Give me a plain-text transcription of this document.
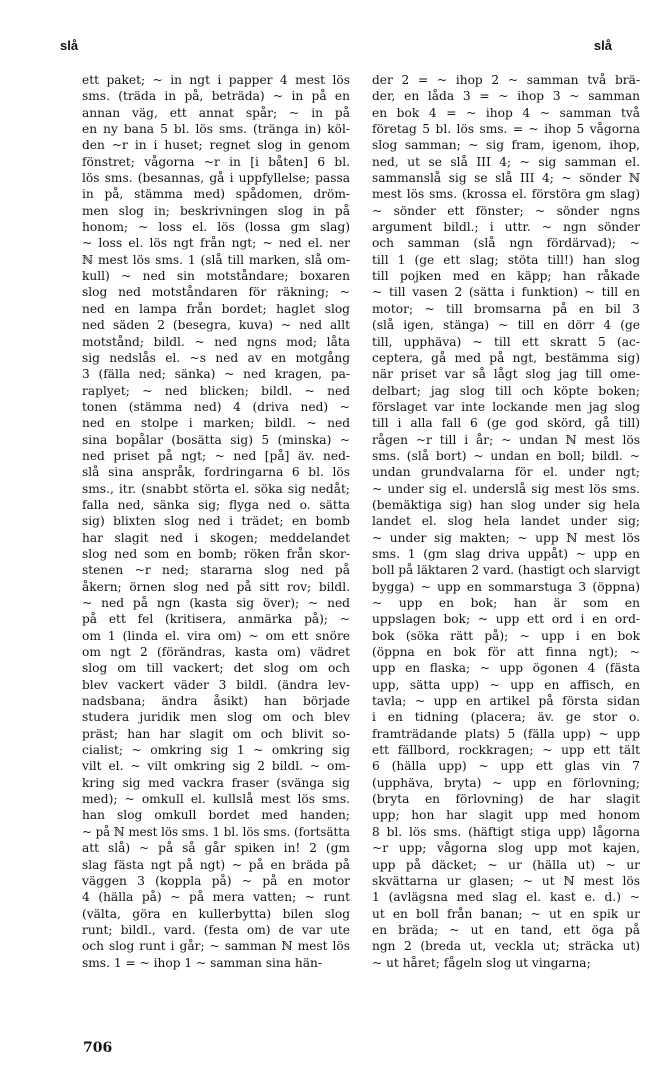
slå	slå
ett paket; ~ in ngt i papper 4 mest lös
sms. (träda in på, beträda) ~ in på en
annan väg, ett annat spår; ~ in på
en ny bana 5 bl. lös sms. (tränga in) köl-
den ~r in i huset; regnet slog in genom
fönstret; vågorna ~r in [i båten] 6 bl.
lös sms. (besannas, gå i uppfyllelse; passa
in på, stämma med) spådomen, dröm-
men slog in; beskrivningen slog in på
honom; ~ loss el. lös (lossa gm slag)
~ loss el. lös ngt från ngt; ~ ned el. ner
ℕ mest lös sms. 1 (slå till marken, slå om-
kull) ~ ned sin motståndare; boxaren
slog ned motståndaren för räkning; ~
ned en lampa från bordet; haglet slog
ned säden 2 (besegra, kuva) ~ ned allt
motstånd; bildl. ~ ned ngns mod; låta
sig nedslås el. ~s ned av en motgång
3 (fälla ned; sänka) ~ ned kragen, pa-
raplyet; ~ ned blicken; bildl. ~ ned
tonen (stämma ned) 4 (driva ned) ~
ned en stolpe i marken; bildl. ~ ned
sina bopålar (bosätta sig) 5 (minska) ~
ned priset på ngt; ~ ned [på] äv. ned-
slå sina anspråk, fordringarna 6 bl. lös
sms., itr. (snabbt störta el. söka sig nedåt;
falla ned, sänka sig; flyga ned o. sätta
sig) blixten slog ned i trädet; en bomb
har slagit ned i skogen; meddelandet
slog ned som en bomb; röken från skor-
stenen ~r ned; stararna slog ned på
åkern; örnen slog ned på sitt rov; bildl.
~ ned på ngn (kasta sig över); ~ ned
på ett fel (kritisera, anmärka på); ~
om 1 (linda el. vira om) ~ om ett snöre
om ngt 2 (förändras, kasta om) vädret
slog om till vackert; det slog om och
blev vackert väder 3 bildl. (ändra lev-
nadsbana; ändra åsikt) han började
studera juridik men slog om och blev
präst; han har slagit om och blivit so-
cialist; ~ omkring sig 1 ~ omkring sig
vilt el. ~ vilt omkring sig 2 bildl. ~ om-
kring sig med vackra fraser (svänga sig
med); ~ omkull el. kullslå mest lös sms.
han slog omkull bordet med handen;
~ på ℕ mest lös sms. 1 bl. lös sms. (fortsätta
att slå) ~ på så går spiken in! 2 (gm
slag fästa ngt på ngt) ~ på en bräda på
väggen 3 (koppla på) ~ på en motor
4 (hälla på) ~ på mera vatten; ~ runt
(välta, göra en kullerbytta) bilen slog
runt; bildl., vard. (festa om) de var ute
och slog runt i går; ~ samman ℕ mest lös
sms. 1 = ~ ihop 1 ~ samman sina hän-
der 2 = ~ ihop 2 ~ samman två brä-
der, en låda 3 = ~ ihop 3 ~ samman
en bok 4 = ~ ihop 4 ~ samman två
företag 5 bl. lös sms. = ~ ihop 5 vågorna
slog samman; ~ sig fram, igenom, ihop,
ned, ut se slå III 4; ~ sig samman el.
sammanslå sig se slå III 4; ~ sönder ℕ
mest lös sms. (krossa el. förstöra gm slag)
~ sönder ett fönster; ~ sönder ngns
argument bildl.; i uttr. ~ ngn sönder
och samman (slå ngn fördärvad); ~
till 1 (ge ett slag; stöta till!) han slog
till pojken med en käpp; han råkade
~ till vasen 2 (sätta i funktion) ~ till en
motor; ~ till bromsarna på en bil 3
(slå igen, stänga) ~ till en dörr 4 (ge
till, upphäva) ~ till ett skratt 5 (ac-
ceptera, gå med på ngt, bestämma sig)
när priset var så lågt slog jag till ome-
delbart; jag slog till och köpte boken;
förslaget var inte lockande men jag slog
till i alla fall 6 (ge god skörd, gå till)
rågen ~r till i år; ~ undan ℕ mest lös
sms. (slå bort) ~ undan en boll; bildl. ~
undan grundvalarna för el. under ngt;
~ under sig el. underslå sig mest lös sms.
(bemäktiga sig) han slog under sig hela
landet el. slog hela landet under sig;
~ under sig makten; ~ upp ℕ mest lös
sms. 1 (gm slag driva uppåt) ~ upp en
boll på läktaren 2 vard. (hastigt och slarvigt
bygga) ~ upp en sommarstuga 3 (öppna)
~ upp en bok; han är som en
uppslagen bok; ~ upp ett ord i en ord-
bok (söka rätt på); ~ upp i en bok
(öppna en bok för att finna ngt); ~
upp en flaska; ~ upp ögonen 4 (fästa
upp, sätta upp) ~ upp en affisch, en
tavla; ~ upp en artikel på första sidan
i en tidning (placera; äv. ge stor o.
framträdande plats) 5 (fälla upp) ~ upp
ett fällbord, rockkragen; ~ upp ett tält
6 (hälla upp) ~ upp ett glas vin 7
(upphäva, bryta) ~ upp en förlovning;
(bryta en förlovning) de har slagit
upp; hon har slagit upp med honom
8 bl. lös sms. (häftigt stiga upp) lågorna
~r upp; vågorna slog upp mot kajen,
upp på däcket; ~ ur (hälla ut) ~ ur
skvättarna ur glasen; ~ ut ℕ mest lös
1 (avlägsna med slag el. kast e. d.) ~
ut en boll från banan; ~ ut en spik ur
en bräda; ~ ut en tand, ett öga på
ngn 2 (breda ut, veckla ut; sträcka ut)
~ ut håret; fågeln slog ut vingarna;
706
